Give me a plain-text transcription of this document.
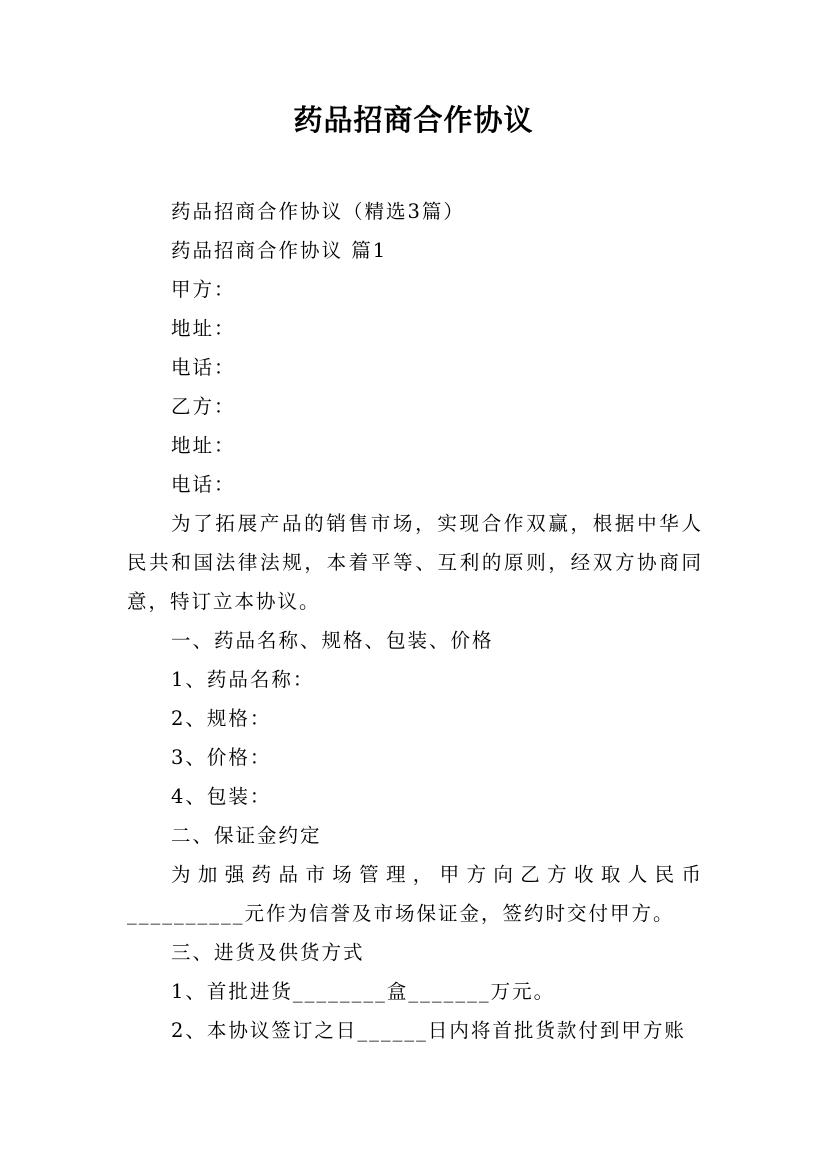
药品招商合作协议

药品招商合作协议（精选3篇）

药品招商合作协议 篇1

甲方：

地址：

电话：

乙方：

地址：

电话：

为了拓展产品的销售市场，实现合作双赢，根据中华人民共和国法律法规，本着平等、互利的原则，经双方协商同意，特订立本协议。

一、药品名称、规格、包装、价格

1、药品名称：

2、规格：

3、价格：

4、包装：

二、保证金约定

为加强药品市场管理，甲方向乙方收取人民币__________元作为信誉及市场保证金，签约时交付甲方。

三、进货及供货方式

1、首批进货________盒_______万元。

2、本协议签订之日______日内将首批货款付到甲方账
